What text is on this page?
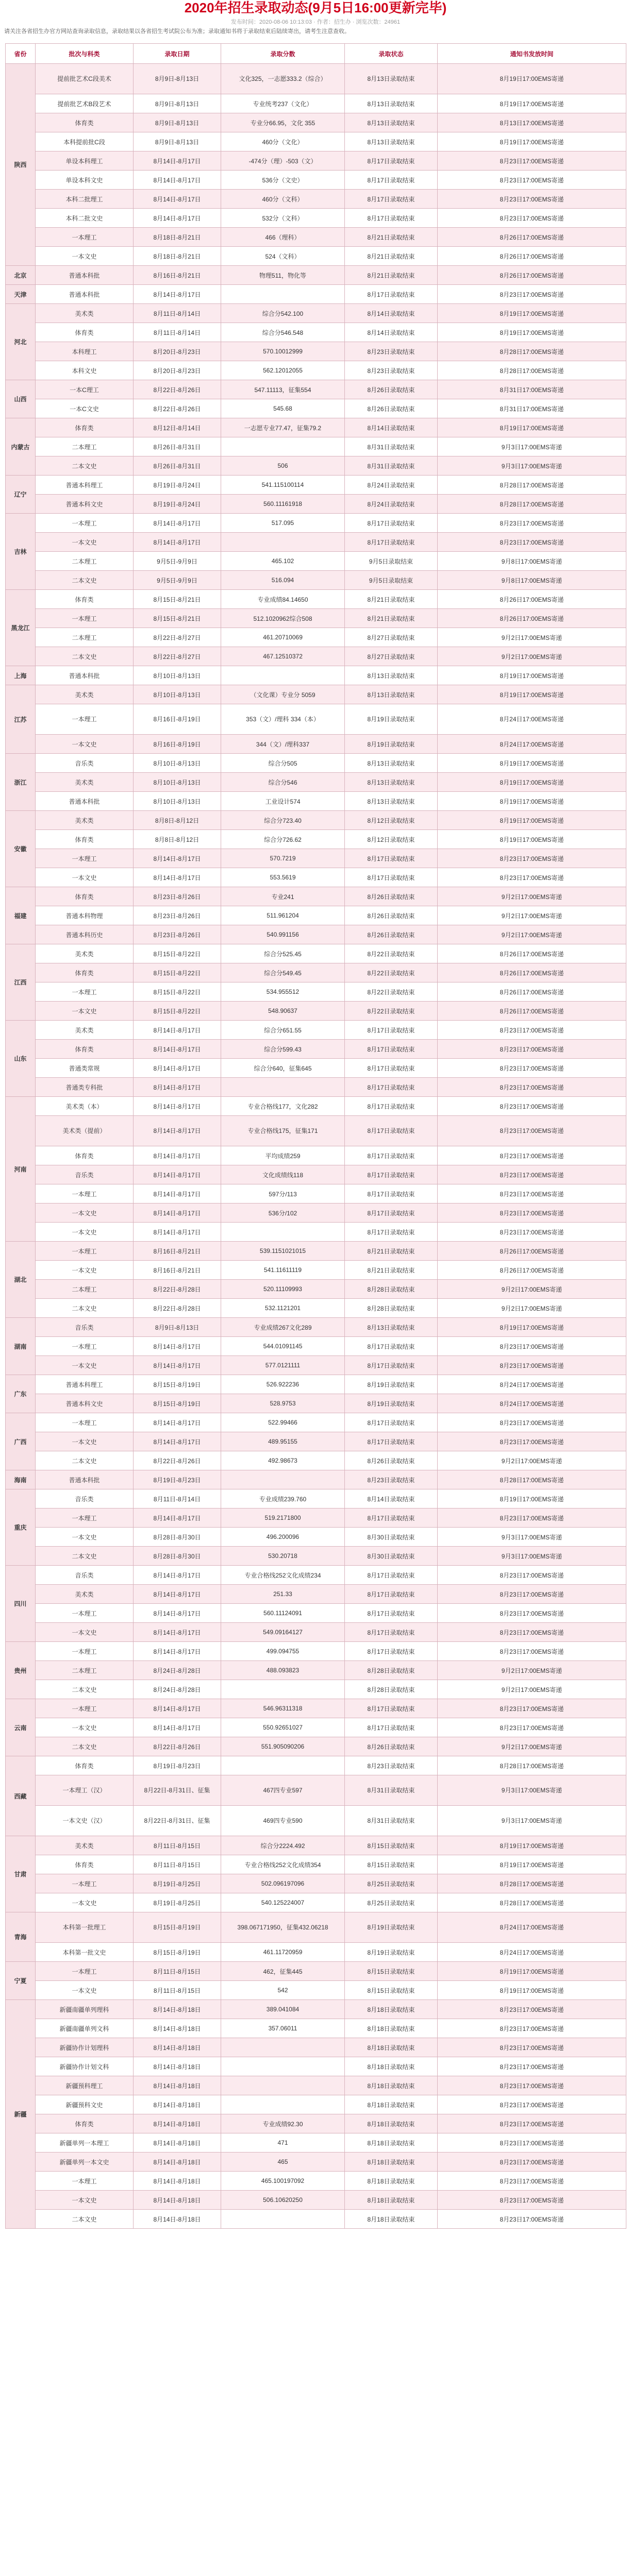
2020年招生录取动态(9月5日16:00更新完毕)
发布时间：2020-08-06 10:13:03 · 作者：招生办 · 浏览次数：24961
请关注各省招生办官方网站查询录取信息，录取结果以各省招生考试院公布为准；录取通知书将于录取结束后陆续寄出，请考生注意查收。
省份	批次与科类	录取日期	录取分数	录取状态	通知书发放时间
陕西	提前批艺术C段美术	8月9日-8月13日	文化325，一志愿333.2（综合）	8月13日录取结束	8月19日17:00EMS寄递
	提前批艺术B段艺术	8月9日-8月13日	专业统考237（文化）	8月13日录取结束	8月19日17:00EMS寄递
	体育类	8月9日-8月13日	专业分66.95，文化 355	8月13日录取结束	8月13日17:00EMS寄递
	本科提前批C段	8月9日-8月13日	460分（文化）	8月13日录取结束	8月19日17:00EMS寄递
	单设本科理工	8月14日-8月17日	-474分（理）-503（文）	8月17日录取结束	8月23日17:00EMS寄递
	单设本科文史	8月14日-8月17日	536分（文史）	8月17日录取结束	8月23日17:00EMS寄递
	本科二批理工	8月14日-8月17日	460分（文科）	8月17日录取结束	8月23日17:00EMS寄递
	本科二批文史	8月14日-8月17日	532分（文科）	8月17日录取结束	8月23日17:00EMS寄递
	一本理工	8月18日-8月21日	466（理科）	8月21日录取结束	8月26日17:00EMS寄递
	一本文史	8月18日-8月21日	524（文科）	8月21日录取结束	8月26日17:00EMS寄递
北京	普通本科批	8月16日-8月21日	物理511，物化等	8月21日录取结束	8月26日17:00EMS寄递
天津	普通本科批	8月14日-8月17日		8月17日录取结束	8月23日17:00EMS寄递
河北	美术类	8月11日-8月14日	综合分542.100	8月14日录取结束	8月19日17:00EMS寄递
	体育类	8月11日-8月14日	综合分546.548	8月14日录取结束	8月19日17:00EMS寄递
	本科理工	8月20日-8月23日	570.10012999	8月23日录取结束	8月28日17:00EMS寄递
	本科文史	8月20日-8月23日	562.12012055	8月23日录取结束	8月28日17:00EMS寄递
山西	一本C理工	8月22日-8月26日	547.11113，征集554	8月26日录取结束	8月31日17:00EMS寄递
	一本C文史	8月22日-8月26日	545.68	8月26日录取结束	8月31日17:00EMS寄递
内蒙古	体育类	8月12日-8月14日	一志愿专业77.47，征集79.2	8月14日录取结束	8月19日17:00EMS寄递
	二本理工	8月26日-8月31日		8月31日录取结束	9月3日17:00EMS寄递
	二本文史	8月26日-8月31日	506	8月31日录取结束	9月3日17:00EMS寄递
辽宁	普通本科理工	8月19日-8月24日	541.115100114	8月24日录取结束	8月28日17:00EMS寄递
	普通本科文史	8月19日-8月24日	560.11161918	8月24日录取结束	8月28日17:00EMS寄递
吉林	一本理工	8月14日-8月17日	517.095	8月17日录取结束	8月23日17:00EMS寄递
	一本文史	8月14日-8月17日		8月17日录取结束	8月23日17:00EMS寄递
	二本理工	9月5日-9月9日	465.102	9月5日录取结束	9月8日17:00EMS寄递
	二本文史	9月5日-9月9日	516.094	9月5日录取结束	9月8日17:00EMS寄递
黑龙江	体育类	8月15日-8月21日	专业成绩84.14650	8月21日录取结束	8月26日17:00EMS寄递
	一本理工	8月15日-8月21日	512.1020962综合508	8月21日录取结束	8月26日17:00EMS寄递
	二本理工	8月22日-8月27日	461.20710069	8月27日录取结束	9月2日17:00EMS寄递
	二本文史	8月22日-8月27日	467.12510372	8月27日录取结束	9月2日17:00EMS寄递
上海	普通本科批	8月10日-8月13日		8月13日录取结束	8月19日17:00EMS寄递
江苏	美术类	8月10日-8月13日	（文化课）专业分 5059	8月13日录取结束	8月19日17:00EMS寄递
	一本理工	8月16日-8月19日	353（文）/理科 334（本）	8月19日录取结束	8月24日17:00EMS寄递
	一本文史	8月16日-8月19日	344（文）/理科337	8月19日录取结束	8月24日17:00EMS寄递
浙江	音乐类	8月10日-8月13日	综合分505	8月13日录取结束	8月19日17:00EMS寄递
	美术类	8月10日-8月13日	综合分546	8月13日录取结束	8月19日17:00EMS寄递
	普通本科批	8月10日-8月13日	工业设计574	8月13日录取结束	8月19日17:00EMS寄递
安徽	美术类	8月8日-8月12日	综合分723.40	8月12日录取结束	8月19日17:00EMS寄递
	体育类	8月8日-8月12日	综合分726.62	8月12日录取结束	8月19日17:00EMS寄递
	一本理工	8月14日-8月17日	570.7219	8月17日录取结束	8月23日17:00EMS寄递
	一本文史	8月14日-8月17日	553.5619	8月17日录取结束	8月23日17:00EMS寄递
福建	体育类	8月23日-8月26日	专业241	8月26日录取结束	9月2日17:00EMS寄递
	普通本科物理	8月23日-8月26日	511.961204	8月26日录取结束	9月2日17:00EMS寄递
	普通本科历史	8月23日-8月26日	540.991156	8月26日录取结束	9月2日17:00EMS寄递
江西	美术类	8月15日-8月22日	综合分525.45	8月22日录取结束	8月26日17:00EMS寄递
	体育类	8月15日-8月22日	综合分549.45	8月22日录取结束	8月26日17:00EMS寄递
	一本理工	8月15日-8月22日	534.955512	8月22日录取结束	8月26日17:00EMS寄递
	一本文史	8月15日-8月22日	548.90637	8月22日录取结束	8月26日17:00EMS寄递
山东	美术类	8月14日-8月17日	综合分651.55	8月17日录取结束	8月23日17:00EMS寄递
	体育类	8月14日-8月17日	综合分599.43	8月17日录取结束	8月23日17:00EMS寄递
	普通类常规	8月14日-8月17日	综合分640，征集645	8月17日录取结束	8月23日17:00EMS寄递
	普通类专科批	8月14日-8月17日		8月17日录取结束	8月23日17:00EMS寄递
河南	美术类（本）	8月14日-8月17日	专业合格线177，文化282	8月17日录取结束	8月23日17:00EMS寄递
	美术类（提前）	8月14日-8月17日	专业合格线175，征集171	8月17日录取结束	8月23日17:00EMS寄递
	体育类	8月14日-8月17日	平均成绩259	8月17日录取结束	8月23日17:00EMS寄递
	音乐类	8月14日-8月17日	文化成绩线118	8月17日录取结束	8月23日17:00EMS寄递
	一本理工	8月14日-8月17日	597分/113	8月17日录取结束	8月23日17:00EMS寄递
	一本文史	8月14日-8月17日	536分/102	8月17日录取结束	8月23日17:00EMS寄递
	一本文史	8月14日-8月17日		8月17日录取结束	8月23日17:00EMS寄递
湖北	一本理工	8月16日-8月21日	539.1151021015	8月21日录取结束	8月26日17:00EMS寄递
	一本文史	8月16日-8月21日	541.11611119	8月21日录取结束	8月26日17:00EMS寄递
	二本理工	8月22日-8月28日	520.11109993	8月28日录取结束	9月2日17:00EMS寄递
	二本文史	8月22日-8月28日	532.1121201	8月28日录取结束	9月2日17:00EMS寄递
湖南	音乐类	8月9日-8月13日	专业成绩267文化289	8月13日录取结束	8月19日17:00EMS寄递
	一本理工	8月14日-8月17日	544.01091145	8月17日录取结束	8月23日17:00EMS寄递
	一本文史	8月14日-8月17日	577.0121111	8月17日录取结束	8月23日17:00EMS寄递
广东	普通本科理工	8月15日-8月19日	526.922236	8月19日录取结束	8月24日17:00EMS寄递
	普通本科文史	8月15日-8月19日	528.9753	8月19日录取结束	8月24日17:00EMS寄递
广西	一本理工	8月14日-8月17日	522.99466	8月17日录取结束	8月23日17:00EMS寄递
	一本文史	8月14日-8月17日	489.95155	8月17日录取结束	8月23日17:00EMS寄递
	二本文史	8月22日-8月26日	492.98673	8月26日录取结束	9月2日17:00EMS寄递
海南	普通本科批	8月19日-8月23日		8月23日录取结束	8月28日17:00EMS寄递
重庆	音乐类	8月11日-8月14日	专业成绩239.760	8月14日录取结束	8月19日17:00EMS寄递
	一本理工	8月14日-8月17日	519.2171800	8月17日录取结束	8月23日17:00EMS寄递
	一本文史	8月28日-8月30日	496.200096	8月30日录取结束	9月3日17:00EMS寄递
	二本文史	8月28日-8月30日	530.20718	8月30日录取结束	9月3日17:00EMS寄递
四川	音乐类	8月14日-8月17日	专业合格线252文化成绩234	8月17日录取结束	8月23日17:00EMS寄递
	美术类	8月14日-8月17日	251.33	8月17日录取结束	8月23日17:00EMS寄递
	一本理工	8月14日-8月17日	560.11124091	8月17日录取结束	8月23日17:00EMS寄递
	一本文史	8月14日-8月17日	549.09164127	8月17日录取结束	8月23日17:00EMS寄递
贵州	一本理工	8月14日-8月17日	499.094755	8月17日录取结束	8月23日17:00EMS寄递
	二本理工	8月24日-8月28日	488.093823	8月28日录取结束	9月2日17:00EMS寄递
	二本文史	8月24日-8月28日		8月28日录取结束	9月2日17:00EMS寄递
云南	一本理工	8月14日-8月17日	546.96311318	8月17日录取结束	8月23日17:00EMS寄递
	一本文史	8月14日-8月17日	550.92651027	8月17日录取结束	8月23日17:00EMS寄递
	二本文史	8月22日-8月26日	551.905090206	8月26日录取结束	9月2日17:00EMS寄递
西藏	体育类	8月19日-8月23日		8月23日录取结束	8月28日17:00EMS寄递
	一本理工（汉）	8月22日-8月31日、征集	467四专业597	8月31日录取结束	9月3日17:00EMS寄递
	一本文史（汉）	8月22日-8月31日、征集	469四专业590	8月31日录取结束	9月3日17:00EMS寄递
甘肃	美术类	8月11日-8月15日	综合分2224.492	8月15日录取结束	8月19日17:00EMS寄递
	体育类	8月11日-8月15日	专业合格线252文化成绩354	8月15日录取结束	8月19日17:00EMS寄递
	一本理工	8月19日-8月25日	502.096197096	8月25日录取结束	8月28日17:00EMS寄递
	一本文史	8月19日-8月25日	540.125224007	8月25日录取结束	8月28日17:00EMS寄递
青海	本科第一批理工	8月15日-8月19日	398.067171950，征集432.06218	8月19日录取结束	8月24日17:00EMS寄递
	本科第一批文史	8月15日-8月19日	461.11720959	8月19日录取结束	8月24日17:00EMS寄递
宁夏	一本理工	8月11日-8月15日	462，征集445	8月15日录取结束	8月19日17:00EMS寄递
	一本文史	8月11日-8月15日	542	8月15日录取结束	8月19日17:00EMS寄递
新疆	新疆南疆单列理科	8月14日-8月18日	389.041084	8月18日录取结束	8月23日17:00EMS寄递
	新疆南疆单列文科	8月14日-8月18日	357.06011	8月18日录取结束	8月23日17:00EMS寄递
	新疆协作计划理科	8月14日-8月18日		8月18日录取结束	8月23日17:00EMS寄递
	新疆协作计划文科	8月14日-8月18日		8月18日录取结束	8月23日17:00EMS寄递
	新疆预科理工	8月14日-8月18日		8月18日录取结束	8月23日17:00EMS寄递
	新疆预科文史	8月14日-8月18日		8月18日录取结束	8月23日17:00EMS寄递
	体育类	8月14日-8月18日	专业成绩92.30	8月18日录取结束	8月23日17:00EMS寄递
	新疆单列一本理工	8月14日-8月18日	471	8月18日录取结束	8月23日17:00EMS寄递
	新疆单列一本文史	8月14日-8月18日	465	8月18日录取结束	8月23日17:00EMS寄递
	一本理工	8月14日-8月18日	465.100197092	8月18日录取结束	8月23日17:00EMS寄递
	一本文史	8月14日-8月18日	506.10620250	8月18日录取结束	8月23日17:00EMS寄递
	二本文史	8月14日-8月18日		8月18日录取结束	8月23日17:00EMS寄递
